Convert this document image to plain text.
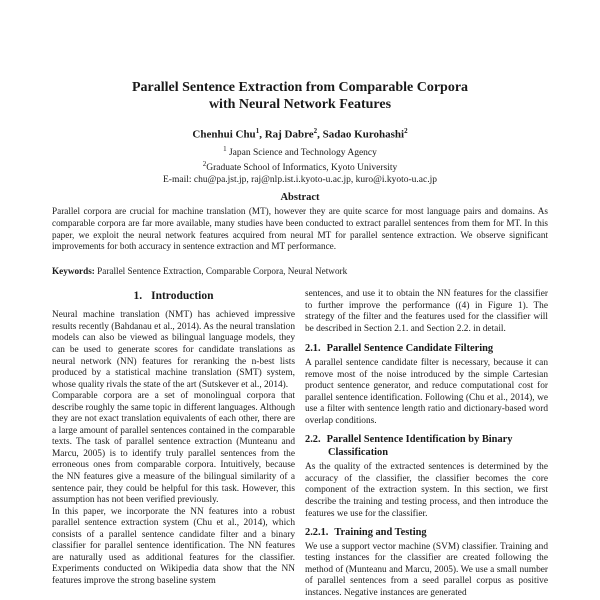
Parallel Sentence Extraction from Comparable Corpora
with Neural Network Features
Chenhui Chu$^1$, Raj Dabre$^2$, Sadao Kurohashi$^2$
$^1$ Japan Science and Technology Agency
$^2$Graduate School of Informatics, Kyoto University
E-mail: chu@pa.jst.jp, raj@nlp.ist.i.kyoto-u.ac.jp, kuro@i.kyoto-u.ac.jp
Abstract

Parallel corpora are crucial for machine translation (MT), however they are quite scarce for most language pairs and domains. As comparable corpora are far more available, many studies have been conducted to extract parallel sentences from them for MT. In this paper, we exploit the neural network features acquired from neural MT for parallel sentence extraction. We observe significant improvements for both accuracy in sentence extraction and MT performance.

Keywords: Parallel Sentence Extraction, Comparable Corpora, Neural Network

1. Introduction

Neural machine translation (NMT) has achieved impressive results recently (Bahdanau et al., 2014). As the neural translation models can also be viewed as bilingual language models, they can be used to generate scores for candidate translations as neural network (NN) features for reranking the n-best lists produced by a statistical machine translation (SMT) system, whose quality rivals the state of the art (Sutskever et al., 2014).

Comparable corpora are a set of monolingual corpora that describe roughly the same topic in different languages. Although they are not exact translation equivalents of each other, there are a large amount of parallel sentences contained in the comparable texts. The task of parallel sentence extraction (Munteanu and Marcu, 2005) is to identify truly parallel sentences from the erroneous ones from comparable corpora. Intuitively, because the NN features give a measure of the bilingual similarity of a sentence pair, they could be helpful for this task. However, this assumption has not been verified previously.

In this paper, we incorporate the NN features into a robust parallel sentence extraction system (Chu et al., 2014), which consists of a parallel sentence candidate filter and a binary classifier for parallel sentence identification. The NN features are naturally used as additional features for the classifier. Experiments conducted on Wikipedia data show that the NN features improve the strong baseline system

sentences, and use it to obtain the NN features for the classifier to further improve the performance ((4) in Figure 1). The strategy of the filter and the features used for the classifier will be described in Section 2.1. and Section 2.2. in detail.

2.1. Parallel Sentence Candidate Filtering

A parallel sentence candidate filter is necessary, because it can remove most of the noise introduced by the simple Cartesian product sentence generator, and reduce computational cost for parallel sentence identification. Following (Chu et al., 2014), we use a filter with sentence length ratio and dictionary-based word overlap conditions.

2.2. Parallel Sentence Identification by Binary Classification

As the quality of the extracted sentences is determined by the accuracy of the classifier, the classifier becomes the core component of the extraction system. In this section, we first describe the training and testing process, and then introduce the features we use for the classifier.

2.2.1. Training and Testing

We use a support vector machine (SVM) classifier. Training and testing instances for the classifier are created following the method of (Munteanu and Marcu, 2005). We use a small number of parallel sentences from a seed parallel corpus as positive instances. Negative instances are generated
